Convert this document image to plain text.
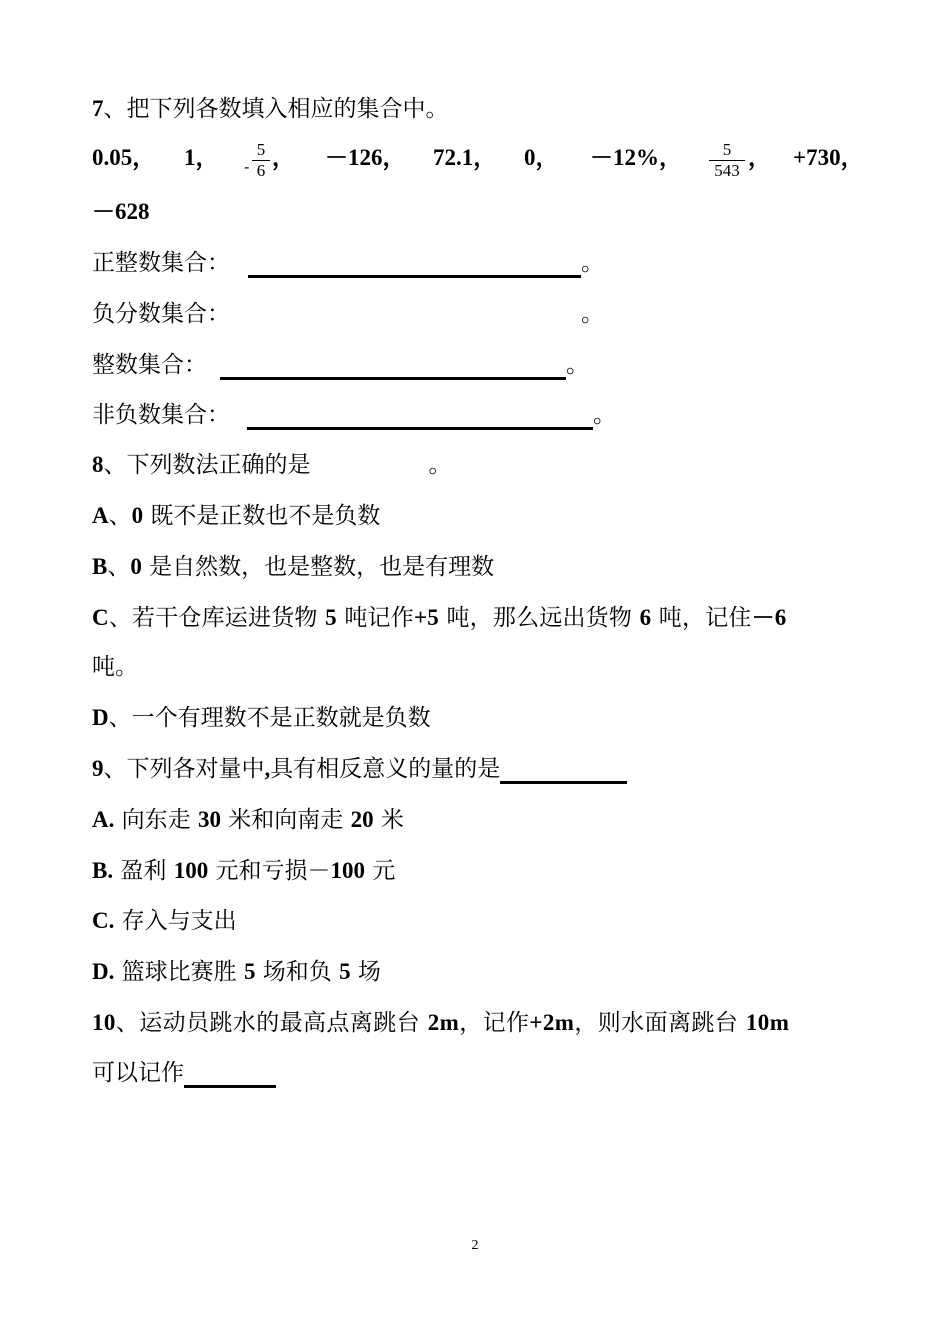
7、把下列各数填入相应的集合中。
0.05， 1， - $\frac{5}{6}$ ， －126， 72.1， 0， －12%， $\frac{5}{543}$ ， +730，
－628
正整数集合：	。
负分数集合：	。
整数集合：	。
非负数集合：	。
8、下列数法正确的是	。
A、0 既不是正数也不是负数
B、0 是自然数，也是整数，也是有理数
C、若干仓库运进货物 5 吨记作+5 吨，那么远出货物 6 吨，记住－6
吨。
D、一个有理数不是正数就是负数
9、下列各对量中,具有相反意义的量的是
A. 向东走 30 米和向南走 20 米
B. 盈利 100 元和亏损－100 元
C. 存入与支出
D. 篮球比赛胜 5 场和负 5 场
10、运动员跳水的最高点离跳台 2m，记作+2m，则水面离跳台 10m
可以记作
2
